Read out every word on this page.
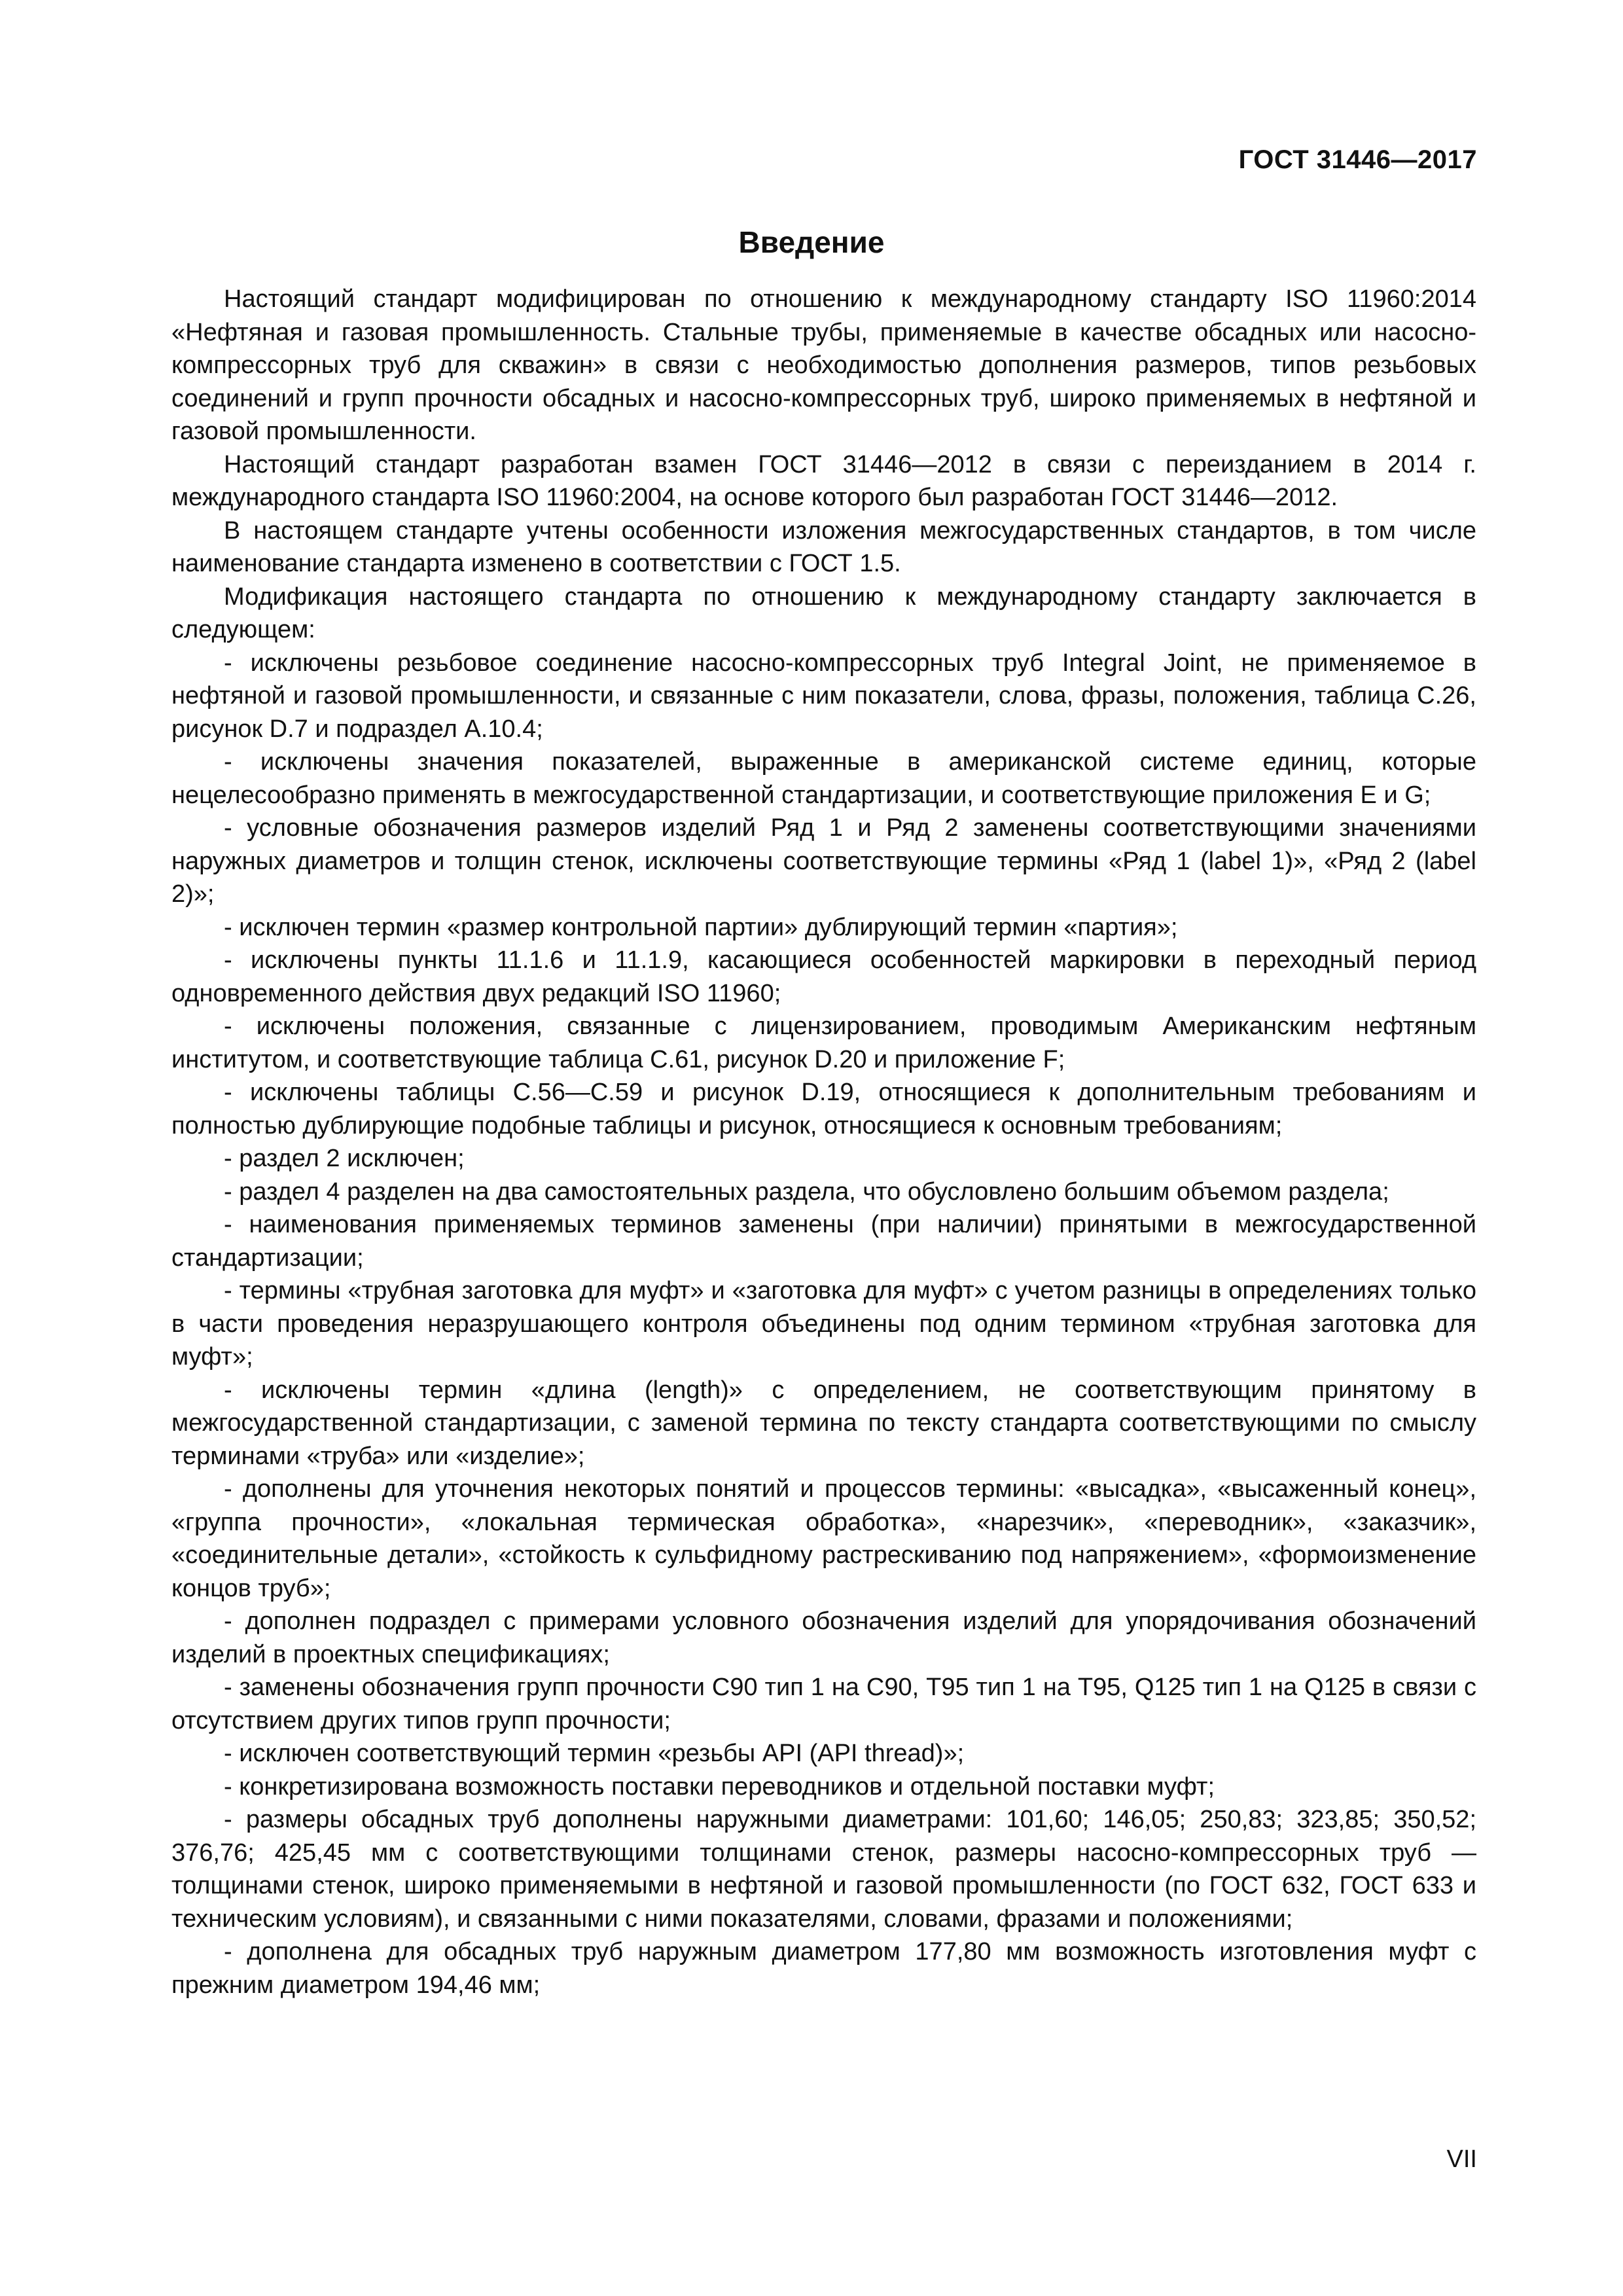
ГОСТ 31446—2017
Введение

Настоящий стандарт модифицирован по отношению к международному стандарту ISO 11960:2014 «Нефтяная и газовая промышленность. Стальные трубы, применяемые в качестве обсадных или насосно-компрессорных труб для скважин» в связи с необходимостью дополнения размеров, типов резьбовых соединений и групп прочности обсадных и насосно-компрессорных труб, широко применяемых в нефтяной и газовой промышленности.

Настоящий стандарт разработан взамен ГОСТ 31446—2012 в связи с переизданием в 2014 г. международного стандарта ISO 11960:2004, на основе которого был разработан ГОСТ 31446—2012.

В настоящем стандарте учтены особенности изложения межгосударственных стандартов, в том числе наименование стандарта изменено в соответствии с ГОСТ 1.5.

Модификация настоящего стандарта по отношению к международному стандарту заключается в следующем:

- исключены резьбовое соединение насосно-компрессорных труб Integral Joint, не применяемое в нефтяной и газовой промышленности, и связанные с ним показатели, слова, фразы, положения, таблица С.26, рисунок D.7 и подраздел А.10.4;

- исключены значения показателей, выраженные в американской системе единиц, которые нецелесообразно применять в межгосударственной стандартизации, и соответствующие приложения Е и G;

- условные обозначения размеров изделий Ряд 1 и Ряд 2 заменены соответствующими значениями наружных диаметров и толщин стенок, исключены соответствующие термины «Ряд 1 (label 1)», «Ряд 2 (label 2)»;

- исключен термин «размер контрольной партии» дублирующий термин «партия»;

- исключены пункты 11.1.6 и 11.1.9, касающиеся особенностей маркировки в переходный период одновременного действия двух редакций ISO 11960;

- исключены положения, связанные с лицензированием, проводимым Американским нефтяным институтом, и соответствующие таблица С.61, рисунок D.20 и приложение F;

- исключены таблицы С.56—С.59 и рисунок D.19, относящиеся к дополнительным требованиям и полностью дублирующие подобные таблицы и рисунок, относящиеся к основным требованиям;

- раздел 2 исключен;

- раздел 4 разделен на два самостоятельных раздела, что обусловлено большим объемом раздела;

- наименования применяемых терминов заменены (при наличии) принятыми в межгосударственной стандартизации;

- термины «трубная заготовка для муфт» и «заготовка для муфт» с учетом разницы в определениях только в части проведения неразрушающего контроля объединены под одним термином «трубная заготовка для муфт»;

- исключены термин «длина (length)» с определением, не соответствующим принятому в межгосударственной стандартизации, с заменой термина по тексту стандарта соответствующими по смыслу терминами «труба» или «изделие»;

- дополнены для уточнения некоторых понятий и процессов термины: «высадка», «высаженный конец», «группа прочности», «локальная термическая обработка», «нарезчик», «переводник», «заказчик», «соединительные детали», «стойкость к сульфидному растрескиванию под напряжением», «формоизменение концов труб»;

- дополнен подраздел с примерами условного обозначения изделий для упорядочивания обозначений изделий в проектных спецификациях;

- заменены обозначения групп прочности С90 тип 1 на С90, Т95 тип 1 на Т95, Q125 тип 1 на Q125 в связи с отсутствием других типов групп прочности;

- исключен соответствующий термин «резьбы API (API thread)»;

- конкретизирована возможность поставки переводников и отдельной поставки муфт;

- размеры обсадных труб дополнены наружными диаметрами: 101,60; 146,05; 250,83; 323,85; 350,52; 376,76; 425,45 мм с соответствующими толщинами стенок, размеры насосно-компрессорных труб — толщинами стенок, широко применяемыми в нефтяной и газовой промышленности (по ГОСТ 632, ГОСТ 633 и техническим условиям), и связанными с ними показателями, словами, фразами и положениями;

- дополнена для обсадных труб наружным диаметром 177,80 мм возможность изготовления муфт с прежним диаметром 194,46 мм;

VII
